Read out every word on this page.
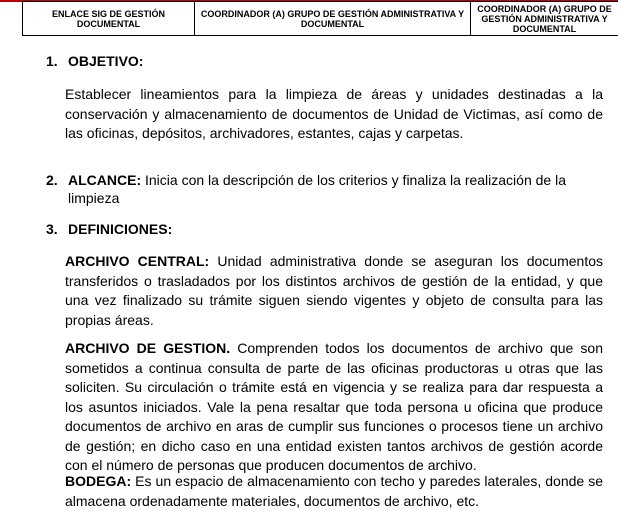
ENLACE SIG DE GESTIÓN DOCUMENTAL	COORDINADOR (A) GRUPO DE GESTIÓN ADMINISTRATIVA Y DOCUMENTAL	COORDINADOR (A) GRUPO DE GESTIÓN ADMINISTRATIVA Y DOCUMENTAL
1. OBJETIVO:
Establecer lineamientos para la limpieza de áreas y unidades destinadas a la conservación y almacenamiento de documentos de Unidad de Victimas, así como de las oficinas, depósitos, archivadores, estantes, cajas y carpetas.
2. ALCANCE: Inicia con la descripción de los criterios y finaliza la realización de la
limpieza
3. DEFINICIONES:
ARCHIVO CENTRAL: Unidad administrativa donde se aseguran los documentos transferidos o trasladados por los distintos archivos de gestión de la entidad, y que una vez finalizado su trámite siguen siendo vigentes y objeto de consulta para las propias áreas.
ARCHIVO DE GESTION. Comprenden todos los documentos de archivo que son sometidos a continua consulta de parte de las oficinas productoras u otras que las soliciten. Su circulación o trámite está en vigencia y se realiza para dar respuesta a los asuntos iniciados. Vale la pena resaltar que toda persona u oficina que produce documentos de archivo en aras de cumplir sus funciones o procesos tiene un archivo de gestión; en dicho caso en una entidad existen tantos archivos de gestión acorde con el número de personas que producen documentos de archivo.
BODEGA: Es un espacio de almacenamiento con techo y paredes laterales, donde se almacena ordenadamente materiales, documentos de archivo, etc.
